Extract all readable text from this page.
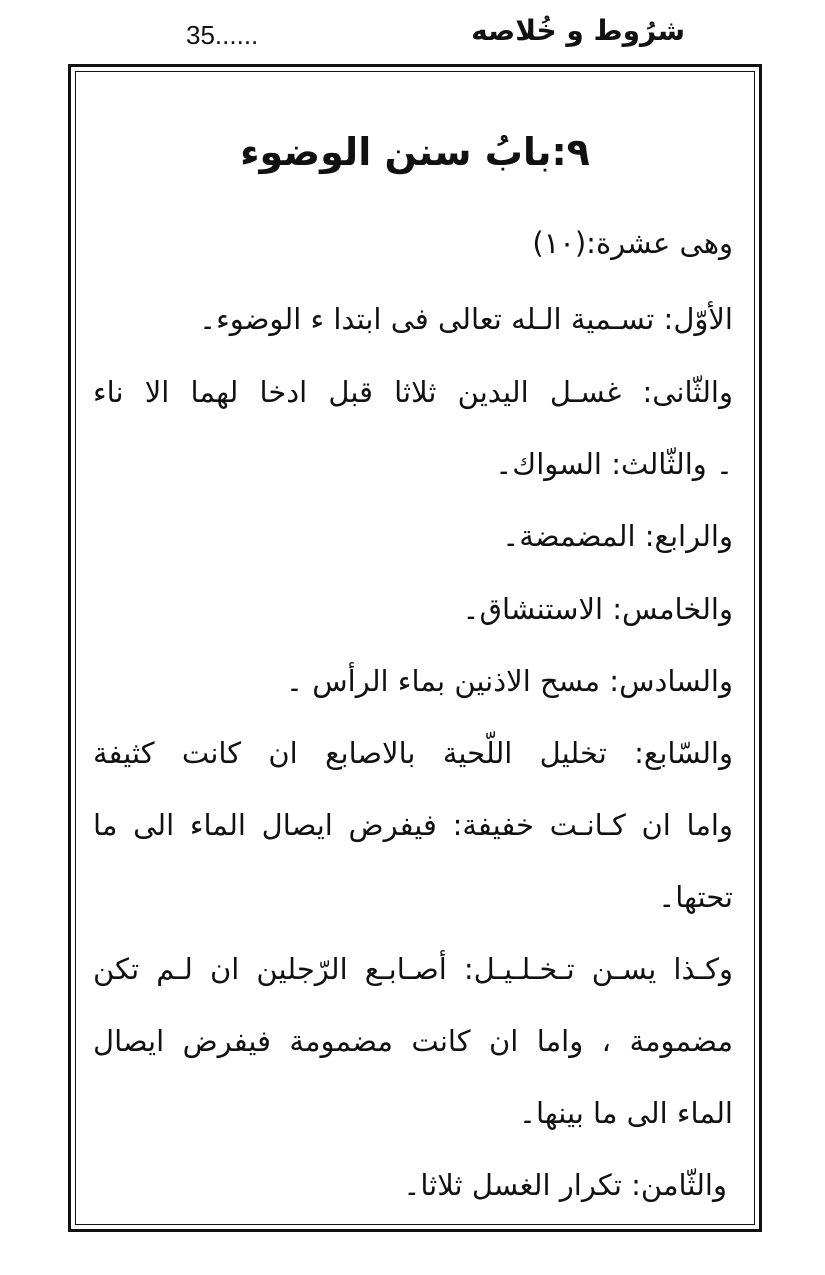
35......	شرُوط و خُلاصه
۹:بابُ سنن الوضوء
وهى عشرة:(۱۰)
الأوّل: تسـمية الـله تعالى فى ابتدا ء الوضوء۔
والثّانى: غسـل اليدين ثلاثا قبل ادخا لهما الا ناء
۔ والثّالث: السواك۔
والرابع: المضمضة۔
والخامس: الاستنشاق۔
والسادس: مسح الاذنين بماء الرأس ۔
والسّابع: تخليل اللّحية بالاصابع ان كانت كثيفة
واما ان كـانـت خفيفة: فيفرض ايصال الماء الى ما
تحتها۔
وكـذا يسـن تـخـلـيـل: أصـابـع الرّجلين ان لـم تكن
مضمومة ، واما ان كانت مضمومة فيفرض ايصال
الماء الى ما بينها۔
والثّامن: تكرار الغسل ثلاثا۔
